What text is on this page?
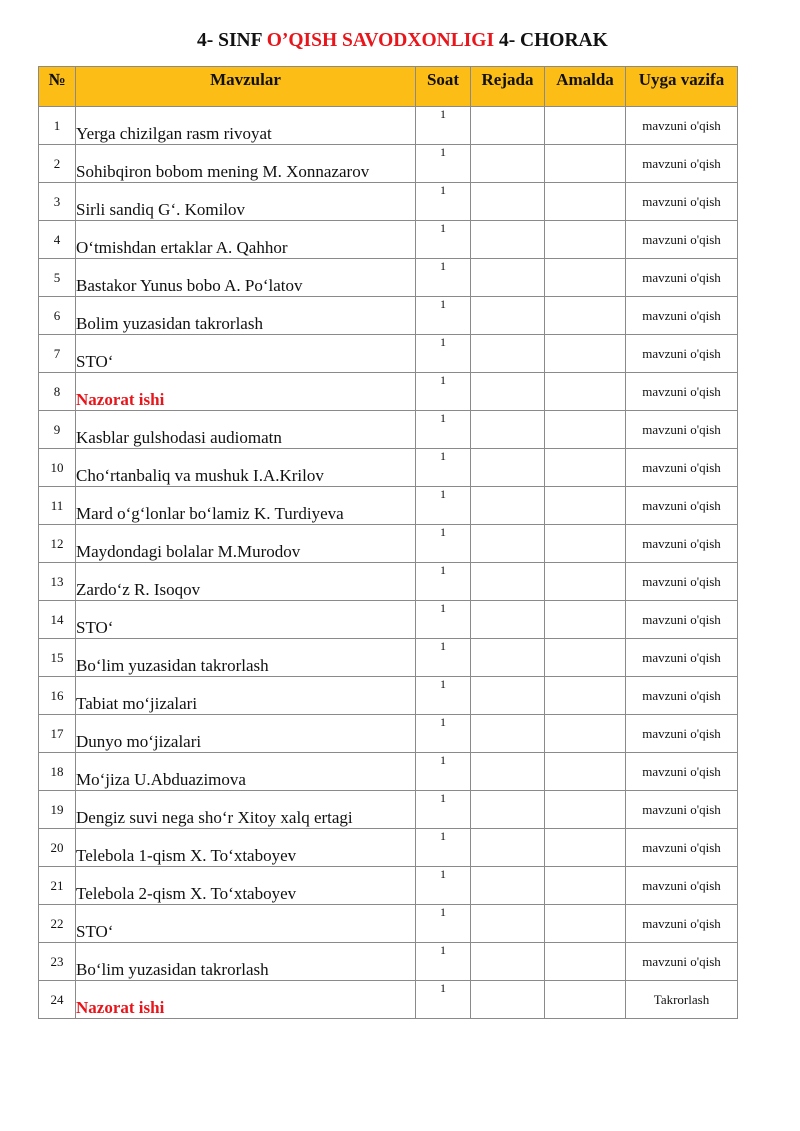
4- SINF O’QISH SAVODXONLIGI 4- CHORAK
№	Mavzular	Soat	Rejada	Amalda	Uyga vazifa
1	Yerga chizilgan rasm rivoyat	1			mavzuni o'qish
2	Sohibqiron bobom mening M. Xonnazarov	1			mavzuni o'qish
3	Sirli sandiq G‘. Komilov	1			mavzuni o'qish
4	O‘tmishdan ertaklar A. Qahhor	1			mavzuni o'qish
5	Bastakor Yunus bobo A. Po‘latov	1			mavzuni o'qish
6	Bolim yuzasidan takrorlash	1			mavzuni o'qish
7	STO‘	1			mavzuni o'qish
8	Nazorat ishi	1			mavzuni o'qish
9	Kasblar gulshodasi audiomatn	1			mavzuni o'qish
10	Cho‘rtanbaliq va mushuk I.A.Krilov	1			mavzuni o'qish
11	Mard o‘g‘lonlar bo‘lamiz K. Turdiyeva	1			mavzuni o'qish
12	Maydondagi bolalar M.Murodov	1			mavzuni o'qish
13	Zardo‘z R. Isoqov	1			mavzuni o'qish
14	STO‘	1			mavzuni o'qish
15	Bo‘lim yuzasidan takrorlash	1			mavzuni o'qish
16	Tabiat mo‘jizalari	1			mavzuni o'qish
17	Dunyo mo‘jizalari	1			mavzuni o'qish
18	Mo‘jiza U.Abduazimova	1			mavzuni o'qish
19	Dengiz suvi nega sho‘r Xitoy xalq ertagi	1			mavzuni o'qish
20	Telebola 1-qism X. To‘xtaboyev	1			mavzuni o'qish
21	Telebola 2-qism X. To‘xtaboyev	1			mavzuni o'qish
22	STO‘	1			mavzuni o'qish
23	Bo‘lim yuzasidan takrorlash	1			mavzuni o'qish
24	Nazorat ishi	1			Takrorlash
